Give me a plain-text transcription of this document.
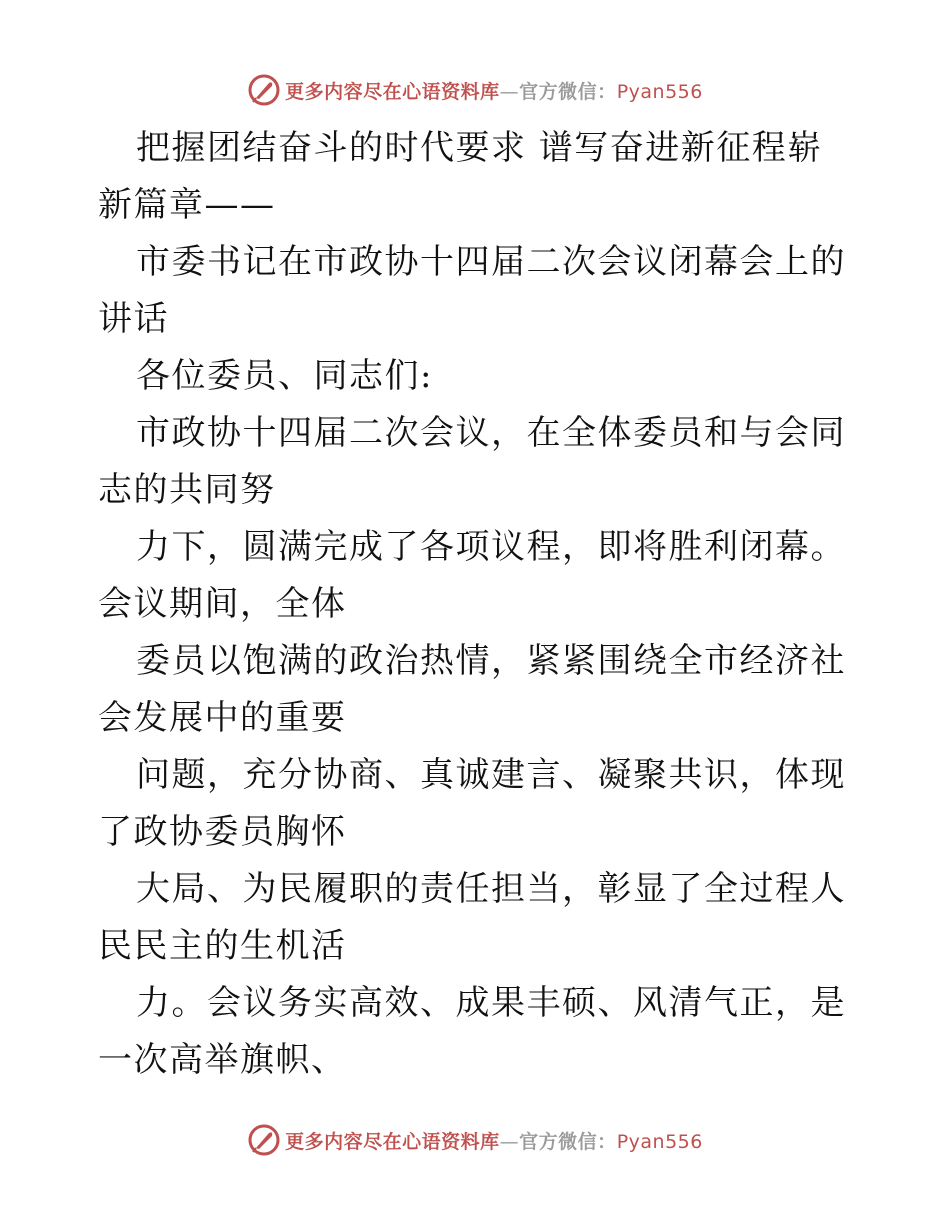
更多内容尽在心语资料库—官方微信：Pyan556

把握团结奋斗的时代要求 谱写奋进新征程崭新篇章——

市委书记在市政协十四届二次会议闭幕会上的讲话

各位委员、同志们:

市政协十四届二次会议，在全体委员和与会同志的共同努

力下，圆满完成了各项议程，即将胜利闭幕。会议期间，全体

委员以饱满的政治热情，紧紧围绕全市经济社会发展中的重要

问题，充分协商、真诚建言、凝聚共识，体现了政协委员胸怀

大局、为民履职的责任担当，彰显了全过程人民民主的生机活

力。会议务实高效、成果丰硕、风清气正，是一次高举旗帜、

更多内容尽在心语资料库—官方微信：Pyan556
